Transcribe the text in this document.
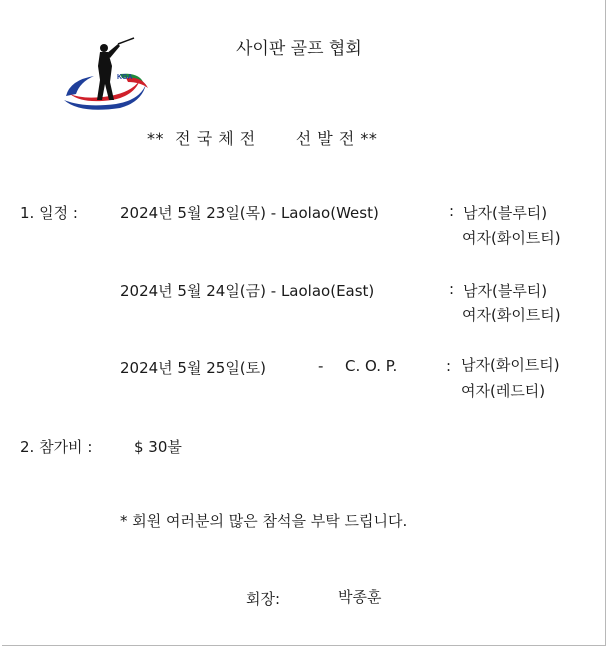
KGA
사이판 골프 협회
**  전 국 체 전	선 발 전 **
1. 일정 :	2024년 5월 23일(목) - Laolao(West)	: 남자(블루티)
여자(화이트티)
2024년 5월 24일(금) - Laolao(East)	: 남자(블루티)
여자(화이트티)
2024년 5월 25일(토)	- C. O. P.	: 남자(화이트티)
여자(레드티)
2. 참가비 :	$ 30불
* 회원 여러분의 많은 참석을 부탁 드립니다.
회장:	박종훈
